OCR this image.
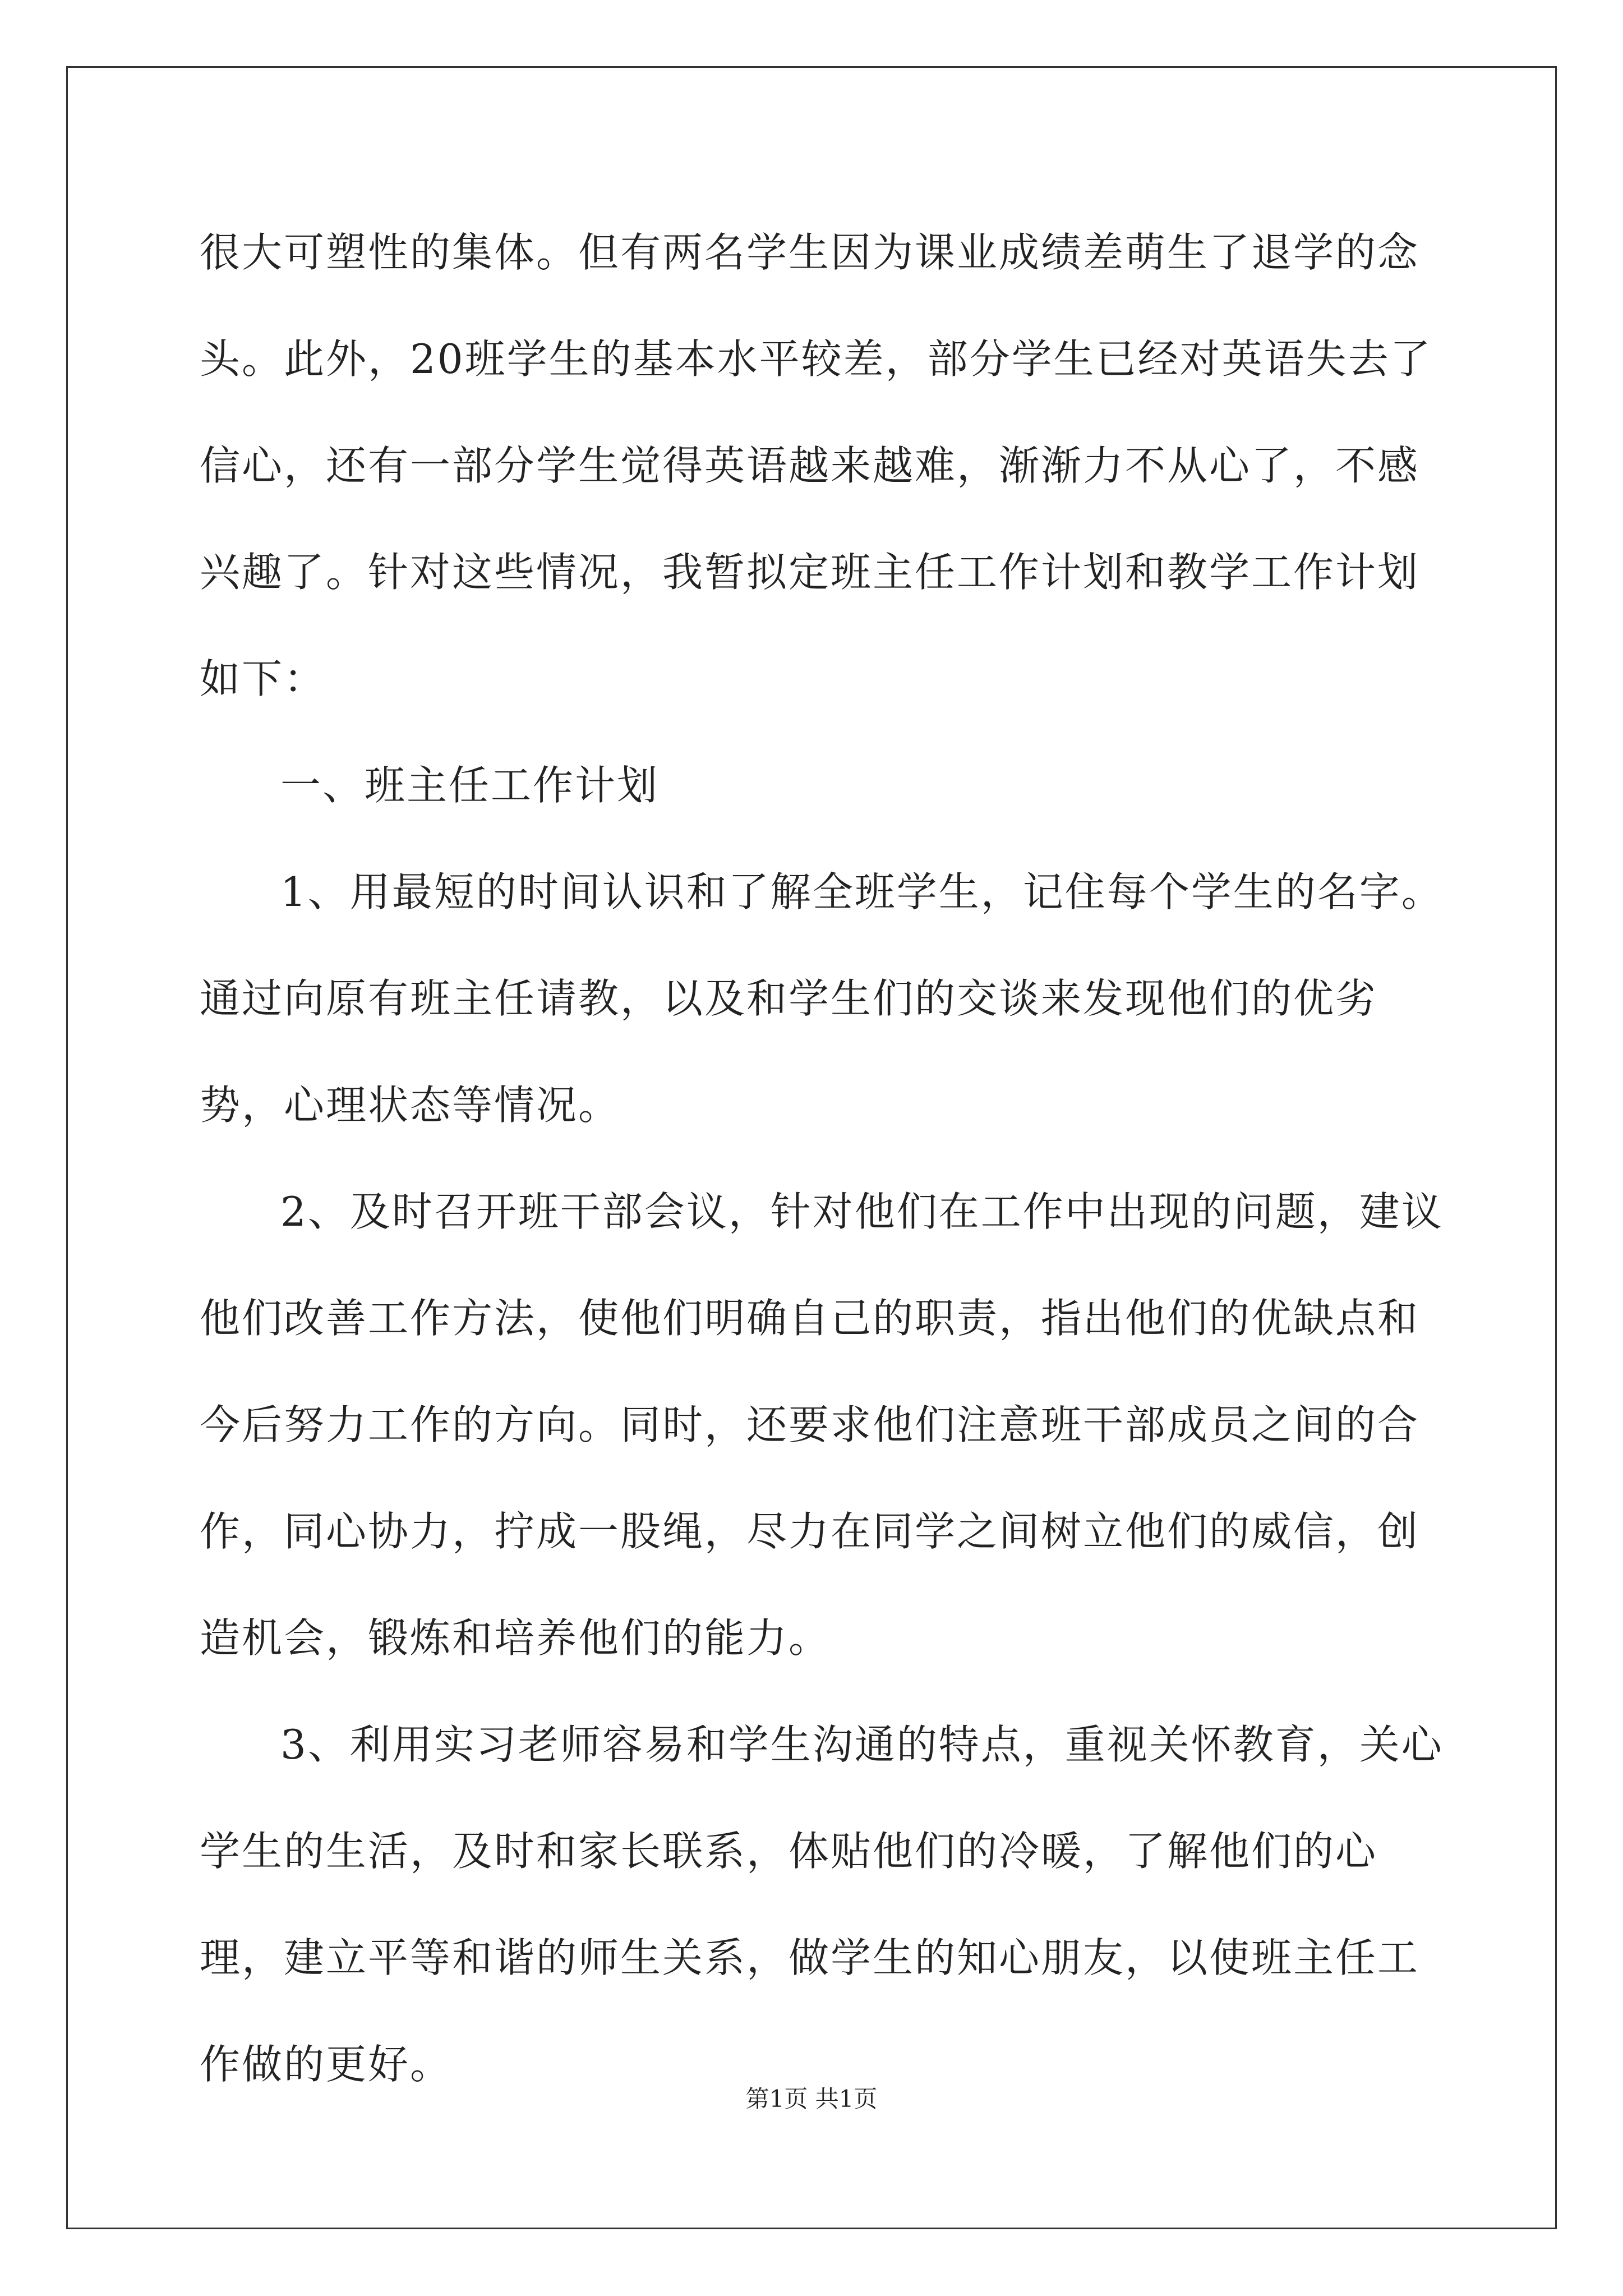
很大可塑性的集体。但有两名学生因为课业成绩差萌生了退学的念头。此外，20班学生的基本水平较差，部分学生已经对英语失去了信心，还有一部分学生觉得英语越来越难，渐渐力不从心了，不感兴趣了。针对这些情况，我暂拟定班主任工作计划和教学工作计划如下：

一、班主任工作计划

1、用最短的时间认识和了解全班学生，记住每个学生的名字。通过向原有班主任请教，以及和学生们的交谈来发现他们的优劣势，心理状态等情况。

2、及时召开班干部会议，针对他们在工作中出现的问题，建议他们改善工作方法，使他们明确自己的职责，指出他们的优缺点和今后努力工作的方向。同时，还要求他们注意班干部成员之间的合作，同心协力，拧成一股绳，尽力在同学之间树立他们的威信，创造机会，锻炼和培养他们的能力。

3、利用实习老师容易和学生沟通的特点，重视关怀教育，关心学生的生活，及时和家长联系，体贴他们的冷暖，了解他们的心理，建立平等和谐的师生关系，做学生的知心朋友，以使班主任工作做的更好。

第1页 共1页
